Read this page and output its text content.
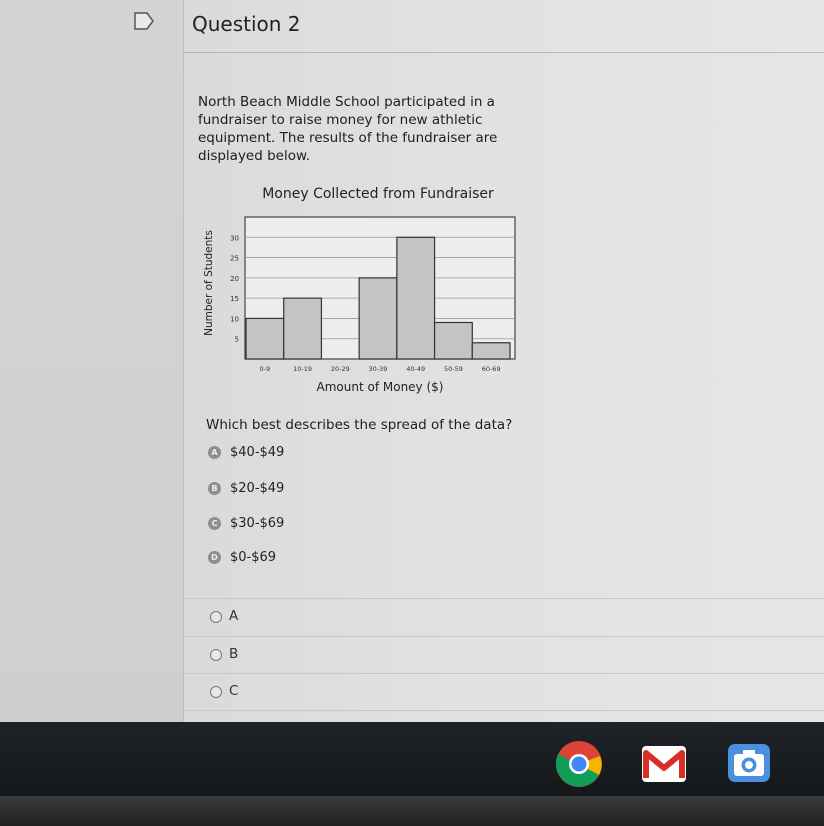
Question 2
North Beach Middle School participated in a
fundraiser to raise money for new athletic
equipment. The results of the fundraiser are
displayed below.
Money Collected from Fundraiser
Number of Students
Amount of Money ($)
5
10
15
20
25
30
0-9	10-19	20-29	30-39	40-49	50-59	60-69
Which best describes the spread of the data?
A $40-$49
B $20-$49
C $30-$69
D $0-$69
A
B
C
